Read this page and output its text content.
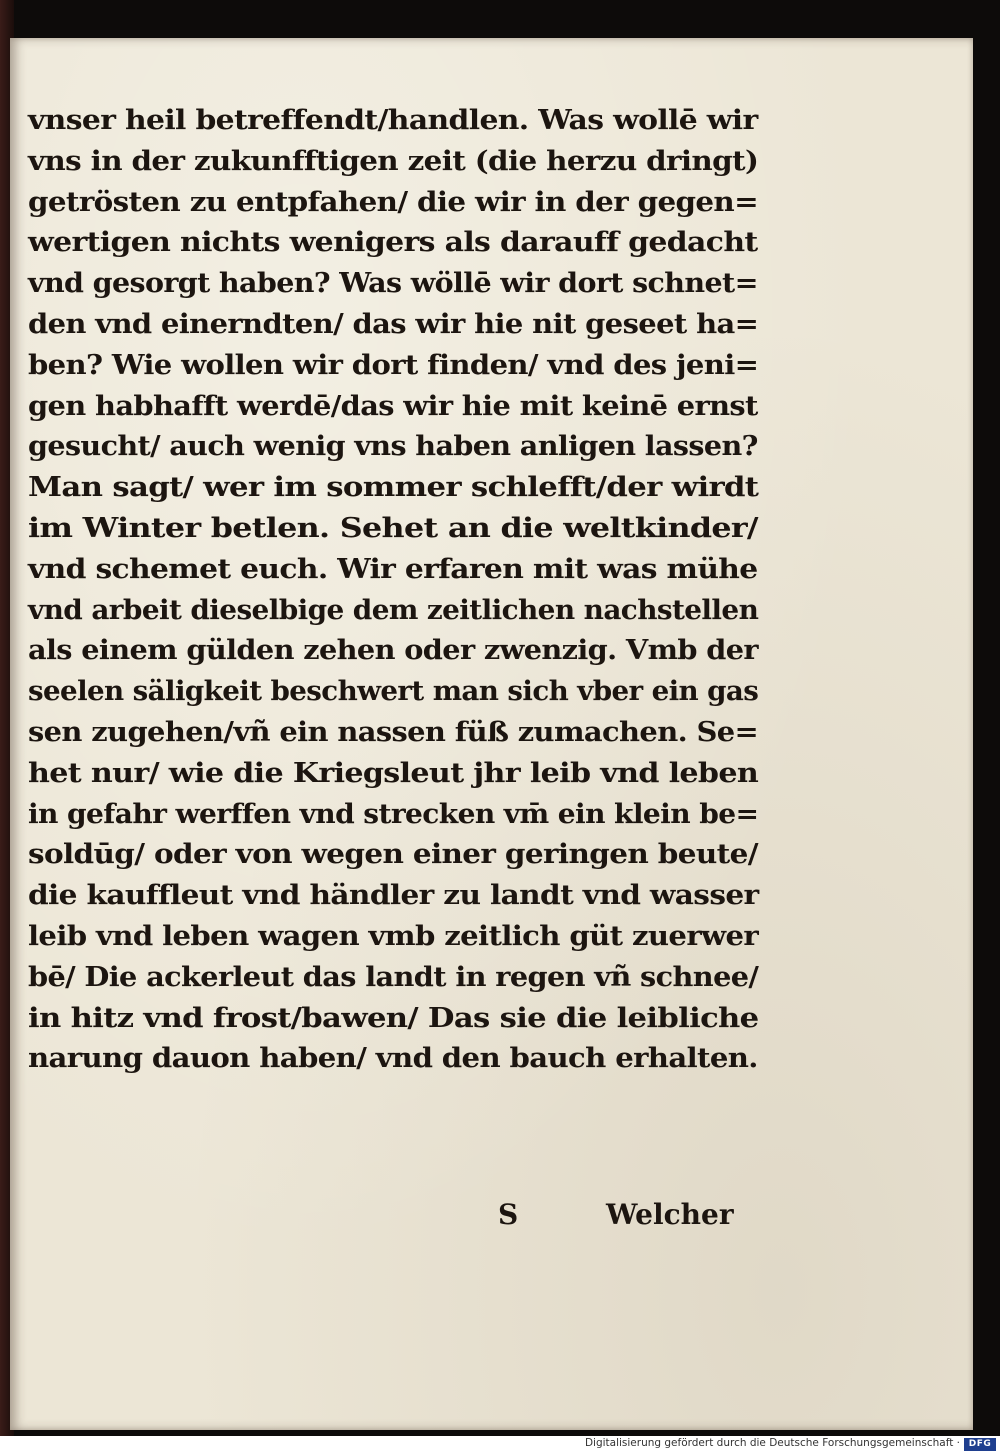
vnser heil betreffendt/handlen. Was wollē wir
vns in der zukunfftigen zeit (die herzu dringt)
getrösten zu entpfahen/ die wir in der gegen=
wertigen nichts wenigers als darauff gedacht
vnd gesorgt haben? Was wöllē wir dort schnet=
den vnd einerndten/ das wir hie nit geseet ha=
ben? Wie wollen wir dort finden/ vnd des jeni=
gen habhafft werdē/das wir hie mit keinē ernst
gesucht/ auch wenig vns haben anligen lassen?
Man sagt/ wer im sommer schlefft/der wirdt
im Winter betlen. Sehet an die weltkinder/
vnd schemet euch. Wir erfaren mit was mühe
vnd arbeit dieselbige dem zeitlichen nachstellen
als einem gülden zehen oder zwenzig. Vmb der
seelen säligkeit beschwert man sich vber ein gas
sen zugehen/vñ ein nassen füß zumachen. Se=
het nur/ wie die Kriegsleut jhr leib vnd leben
in gefahr werffen vnd strecken vm̄ ein klein be=
soldūg/ oder von wegen einer geringen beute/
die kauffleut vnd händler zu landt vnd wasser
leib vnd leben wagen vmb zeitlich güt zuerwer
bē/ Die ackerleut das landt in regen vñ schnee/
in hitz vnd frost/bawen/ Das sie die leibliche
narung dauon haben/ vnd den bauch erhalten.
S	Welcher
Digitalisierung gefördert durch die Deutsche Forschungsgemeinschaft · DFG
